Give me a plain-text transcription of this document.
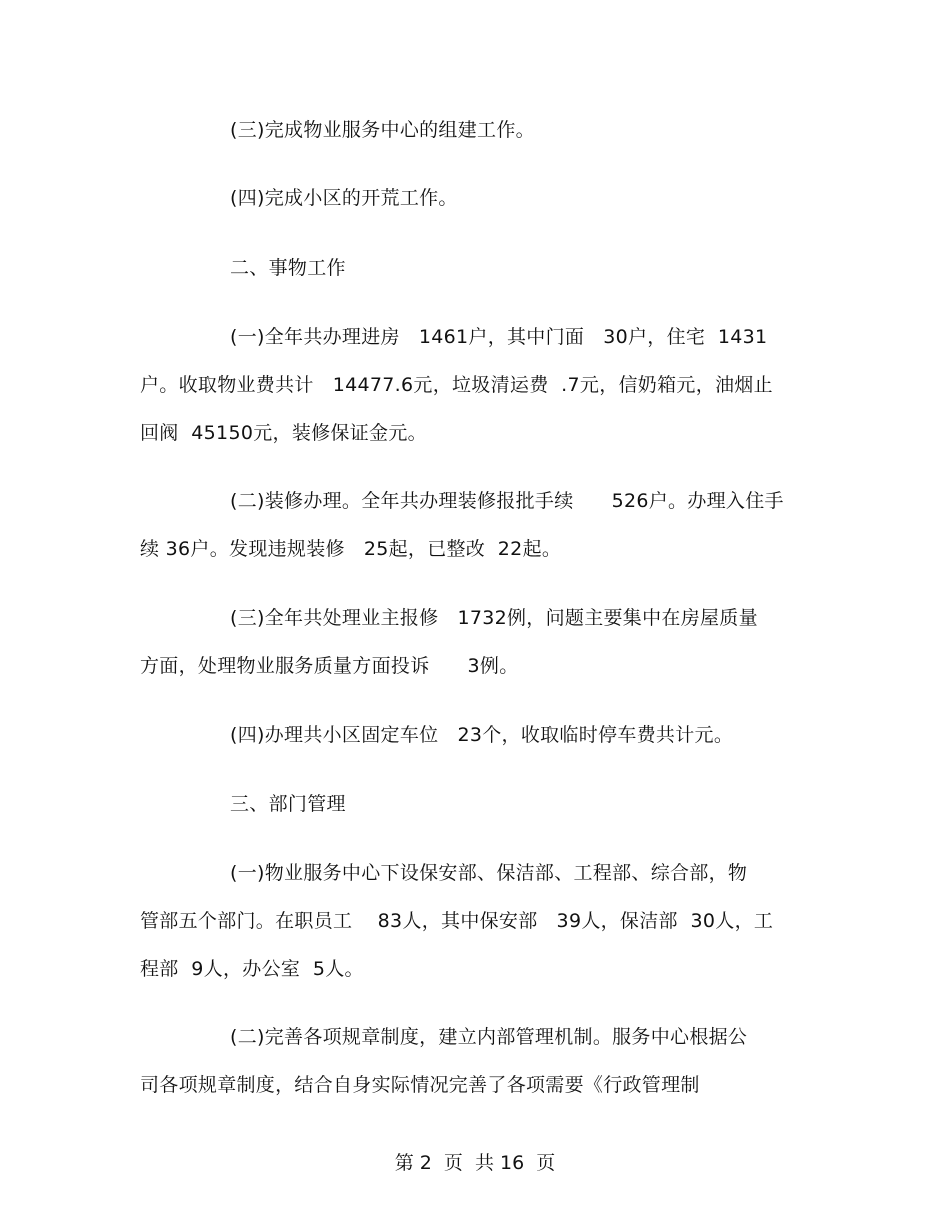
(三)完成物业服务中心的组建工作。
(四)完成小区的开荒工作。
二、事物工作
(一)全年共办理进房   1461户，其中门面   30户，住宅  1431
户。收取物业费共计   14477.6元，垃圾清运费  .7元，信奶箱元，油烟止
回阀  45150元，装修保证金元。
(二)装修办理。全年共办理装修报批手续      526户。办理入住手
续 36户。发现违规装修   25起，已整改  22起。
(三)全年共处理业主报修   1732例，问题主要集中在房屋质量
方面，处理物业服务质量方面投诉      3例。
(四)办理共小区固定车位   23个，收取临时停车费共计元。
三、部门管理
(一)物业服务中心下设保安部、保洁部、工程部、综合部，物
管部五个部门。在职员工    83人，其中保安部   39人，保洁部  30人，工
程部  9人，办公室  5人。
(二)完善各项规章制度，建立内部管理机制。服务中心根据公
司各项规章制度，结合自身实际情况完善了各项需要《行政管理制
第 2  页  共 16  页
